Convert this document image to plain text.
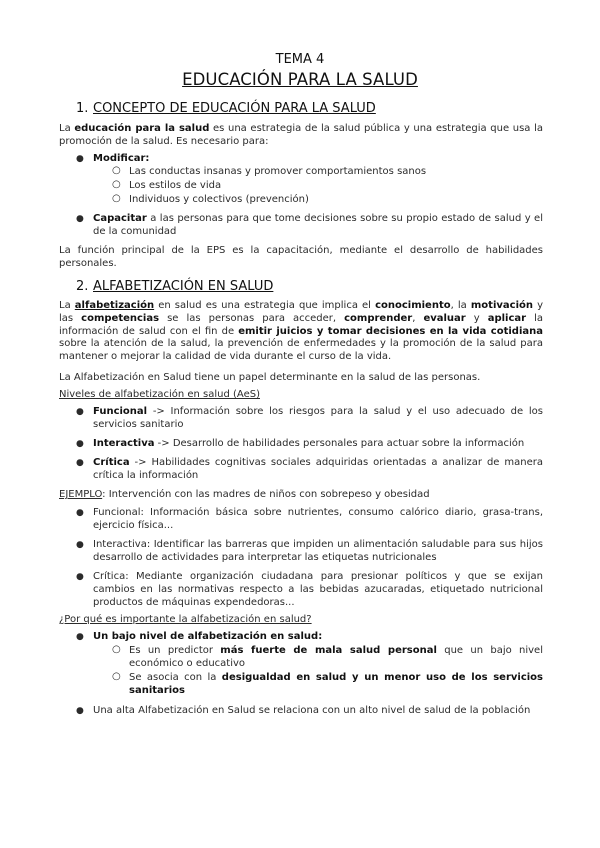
TEMA 4
EDUCACIÓN PARA LA SALUD
1. CONCEPTO DE EDUCACIÓN PARA LA SALUD
La educación para la salud es una estrategia de la salud pública y una estrategia que usa la promoción de la salud. Es necesario para:
● Modificar:
○ Las conductas insanas y promover comportamientos sanos
○ Los estilos de vida
○ Individuos y colectivos (prevención)
● Capacitar a las personas para que tome decisiones sobre su propio estado de salud y el de la comunidad
La función principal de la EPS es la capacitación, mediante el desarrollo de habilidades personales.
2. ALFABETIZACIÓN EN SALUD
La alfabetización en salud es una estrategia que implica el conocimiento, la motivación y las competencias se las personas para acceder, comprender, evaluar y aplicar la información de salud con el fin de emitir juicios y tomar decisiones en la vida cotidiana sobre la atención de la salud, la prevención de enfermedades y la promoción de la salud para mantener o mejorar la calidad de vida durante el curso de la vida.
La Alfabetización en Salud tiene un papel determinante en la salud de las personas.
Niveles de alfabetización en salud (AeS)
● Funcional -> Información sobre los riesgos para la salud y el uso adecuado de los servicios sanitario
● Interactiva -> Desarrollo de habilidades personales para actuar sobre la información
● Crítica -> Habilidades cognitivas sociales adquiridas orientadas a analizar de manera crítica la información
EJEMPLO: Intervención con las madres de niños con sobrepeso y obesidad
● Funcional: Información básica sobre nutrientes, consumo calórico diario, grasa-trans, ejercicio física...
● Interactiva: Identificar las barreras que impiden un alimentación saludable para sus hijos desarrollo de actividades para interpretar las etiquetas nutricionales
● Crítica: Mediante organización ciudadana para presionar políticos y que se exijan cambios en las normativas respecto a las bebidas azucaradas, etiquetado nutricional productos de máquinas expendedoras...
¿Por qué es importante la alfabetización en salud?
● Un bajo nivel de alfabetización en salud:
○ Es un predictor más fuerte de mala salud personal que un bajo nivel económico o educativo
○ Se asocia con la desigualdad en salud y un menor uso de los servicios sanitarios
● Una alta Alfabetización en Salud se relaciona con un alto nivel de salud de la población
